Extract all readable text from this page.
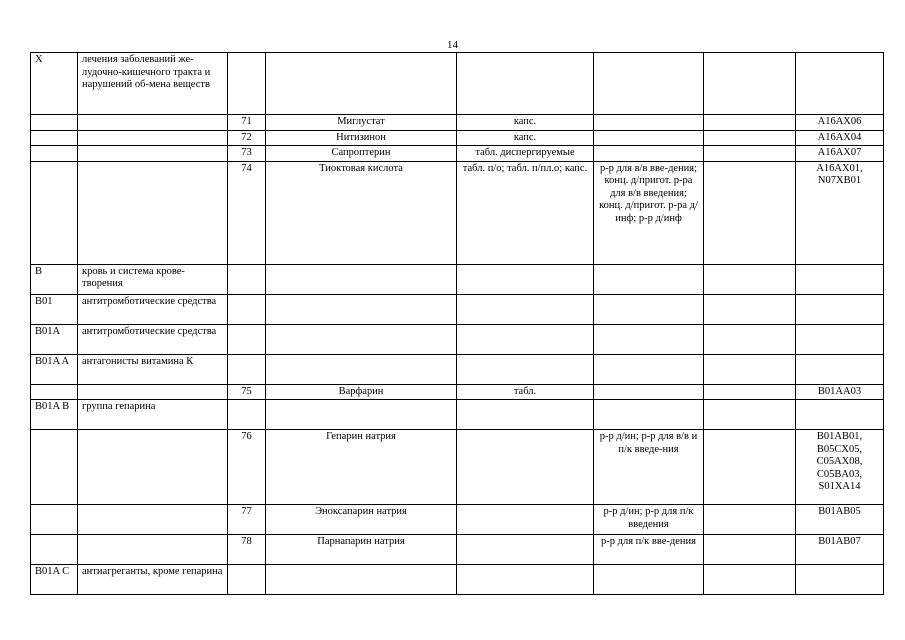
14
X	лечения заболеваний же-лудочно-кишечного тракта и нарушений об-мена веществ						
		71	Миглустат	капс.			A16AX06
		72	Нитизинон	капс.			A16AX04
		73	Сапроптерин	табл. диспергируемые			A16AX07
		74	Тиоктовая кислота	табл. п/о; табл. п/пл.о; капс.	р-р для в/в вве-дения; конц. д/пригот. р-ра для в/в введения; конц. д/пригот. р-ра д/инф; р-р д/инф		A16AX01, N07XB01
B	кровь и система крове-творения						
B01	антитромботические средства						
B01A	антитромботические средства						
B01A A	антагонисты витамина К						
		75	Варфарин	табл.			B01AA03
B01A B	группа гепарина						
		76	Гепарин натрия		р-р д/ин; р-р для в/в и п/к введе-ния		B01AB01, B05CX05, C05AX08, C05BA03, S01XA14
		77	Эноксапарин натрия		р-р д/ин; р-р для п/к введения		B01AB05
		78	Парнапарин натрия		р-р для п/к вве-дения		B01AB07
B01A C	антиагреганты, кроме гепарина						
